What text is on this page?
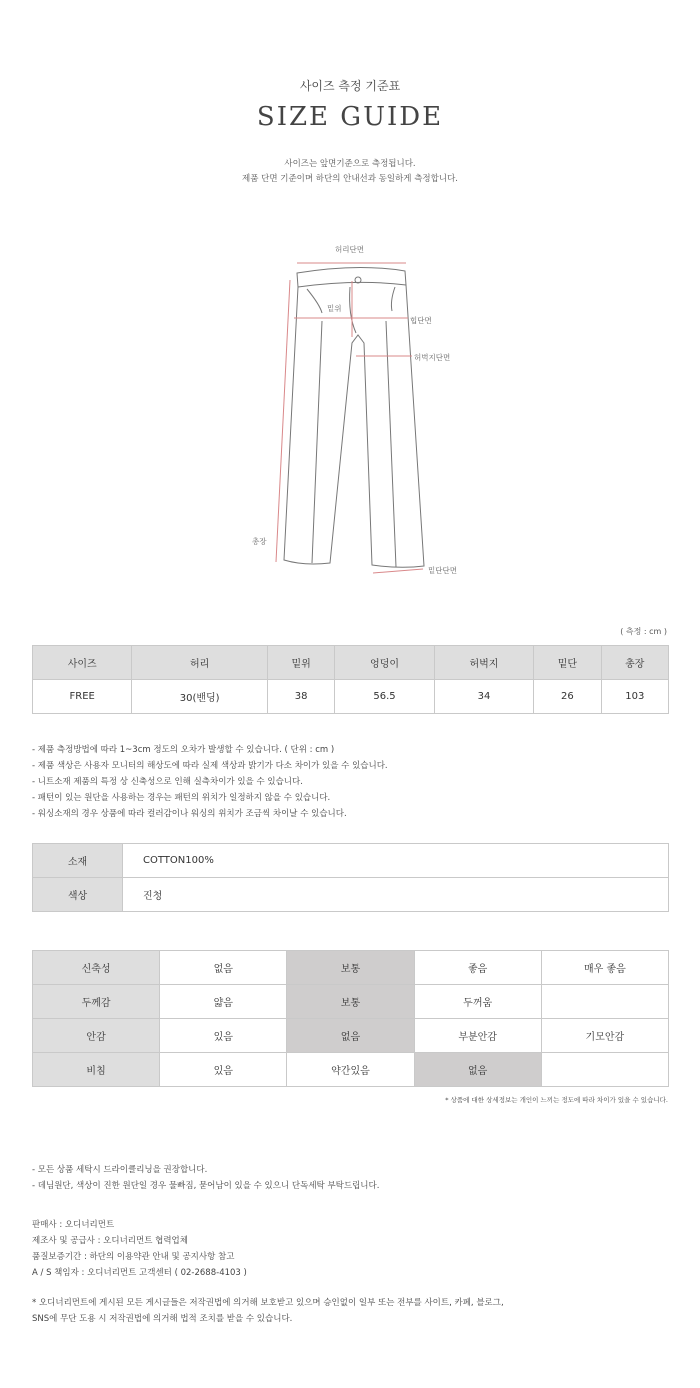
사이즈 측정 기준표
SIZE GUIDE

사이즈는 앞면기준으로 측정됩니다.

제품 단면 기준이며 하단의 안내선과 동일하게 측정합니다.

허리단면
밑위
힙단면
허벅지단면
총장
밑단단면
( 측정 : cm )
사이즈	허리	밑위	엉덩이	허벅지	밑단	총장
FREE	30(밴딩)	38	56.5	34	26	103

- 제품 측정방법에 따라 1~3cm 정도의 오차가 발생할 수 있습니다. ( 단위 : cm )

- 제품 색상은 사용자 모니터의 해상도에 따라 실제 색상과 밝기가 다소 차이가 있을 수 있습니다.

- 니트소재 제품의 특정 상 신축성으로 인해 실측차이가 있을 수 있습니다.

- 패턴이 있는 원단을 사용하는 경우는 패턴의 위치가 일정하지 않을 수 있습니다.

- 워싱소재의 경우 상품에 따라 컬러감이나 워싱의 위치가 조금씩 차이날 수 있습니다.

소재	COTTON100%
색상	진청
신축성	없음	보통	좋음	매우 좋음
두께감	얇음	보통	두꺼움	
안감	있음	없음	부분안감	기모안감
비침	있음	약간있음	없음	
* 상품에 대한 상세정보는 개인이 느끼는 정도에 따라 차이가 있을 수 있습니다.

- 모든 상품 세탁시 드라이클리닝을 권장합니다.

- 데님원단, 색상이 진한 원단일 경우 물빠짐, 묻어남이 있을 수 있으니 단독세탁 부탁드립니다.

판매사 : 오디너리먼트

제조사 및 공급사 : 오디너리먼트 협력업체

품질보증기간 : 하단의 이용약관 안내 및 공지사항 참고

A / S 책임자 : 오디너리먼트 고객센터 ( 02-2688-4103 )

* 오디너리먼트에 게시된 모든 게시글들은 저작권법에 의거해 보호받고 있으며 승인없이 일부 또는 전부를 사이트, 카페, 블로그,

SNS에 무단 도용 시 저작권법에 의거해 법적 조치를 받을 수 있습니다.
